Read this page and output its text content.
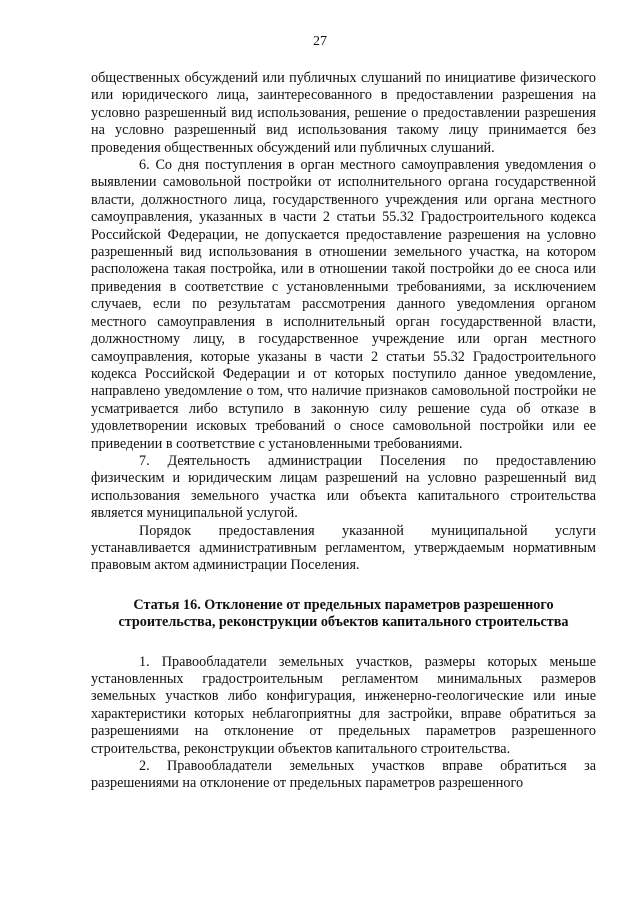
27

общественных обсуждений или публичных слушаний по инициативе физического или юридического лица, заинтересованного в предоставлении разрешения на условно разрешенный вид использования, решение о предоставлении разрешения на условно разрешенный вид использования такому лицу принимается без проведения общественных обсуждений или публичных слушаний.

6. Со дня поступления в орган местного самоуправления уведомления о выявлении самовольной постройки от исполнительного органа государственной власти, должностного лица, государственного учреждения или органа местного самоуправления, указанных в части 2 статьи 55.32 Градостроительного кодекса Российской Федерации, не допускается предоставление разрешения на условно разрешенный вид использования в отношении земельного участка, на котором расположена такая постройка, или в отношении такой постройки до ее сноса или приведения в соответствие с установленными требованиями, за исключением случаев, если по результатам рассмотрения данного уведомления органом местного самоуправления в исполнительный орган государственной власти, должностному лицу, в государственное учреждение или орган местного самоуправления, которые указаны в части 2 статьи 55.32 Градостроительного кодекса Российской Федерации и от которых поступило данное уведомление, направлено уведомление о том, что наличие признаков самовольной постройки не усматривается либо вступило в законную силу решение суда об отказе в удовлетворении исковых требований о сносе самовольной постройки или ее приведении в соответствие с установленными требованиями.

7. Деятельность администрации Поселения по предоставлению физическим и юридическим лицам разрешений на условно разрешенный вид использования земельного участка или объекта капитального строительства является муниципальной услугой.

Порядок предоставления указанной муниципальной услуги устанавливается административным регламентом, утверждаемым нормативным правовым актом администрации Поселения.

Статья 16. Отклонение от предельных параметров разрешенного строительства, реконструкции объектов капитального строительства

1. Правообладатели земельных участков, размеры которых меньше установленных градостроительным регламентом минимальных размеров земельных участков либо конфигурация, инженерно-геологические или иные характеристики которых неблагоприятны для застройки, вправе обратиться за разрешениями на отклонение от предельных параметров разрешенного строительства, реконструкции объектов капитального строительства.

2. Правообладатели земельных участков вправе обратиться за разрешениями на отклонение от предельных параметров разрешенного
